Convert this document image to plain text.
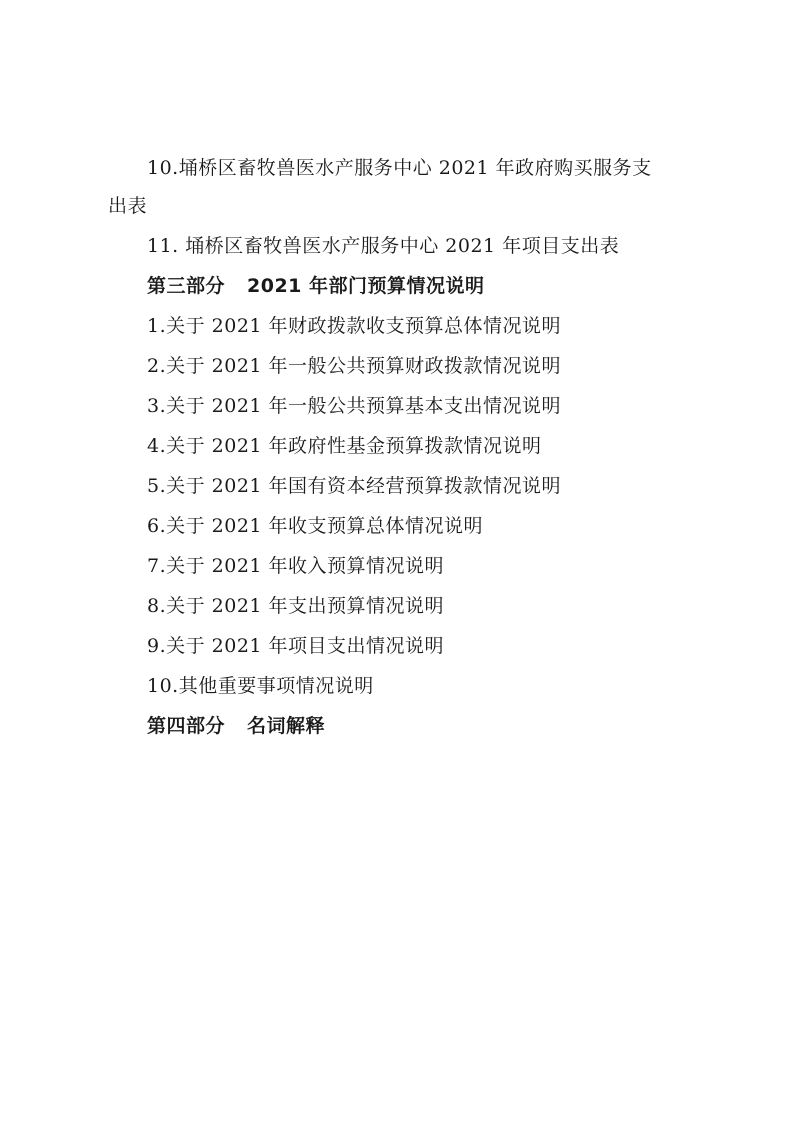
10.埇桥区畜牧兽医水产服务中心 2021 年政府购买服务支
出表
11. 埇桥区畜牧兽医水产服务中心 2021 年项目支出表
第三部分 2021 年部门预算情况说明
1.关于 2021 年财政拨款收支预算总体情况说明
2.关于 2021 年一般公共预算财政拨款情况说明
3.关于 2021 年一般公共预算基本支出情况说明
4.关于 2021 年政府性基金预算拨款情况说明
5.关于 2021 年国有资本经营预算拨款情况说明
6.关于 2021 年收支预算总体情况说明
7.关于 2021 年收入预算情况说明
8.关于 2021 年支出预算情况说明
9.关于 2021 年项目支出情况说明
10.其他重要事项情况说明
第四部分 名词解释
